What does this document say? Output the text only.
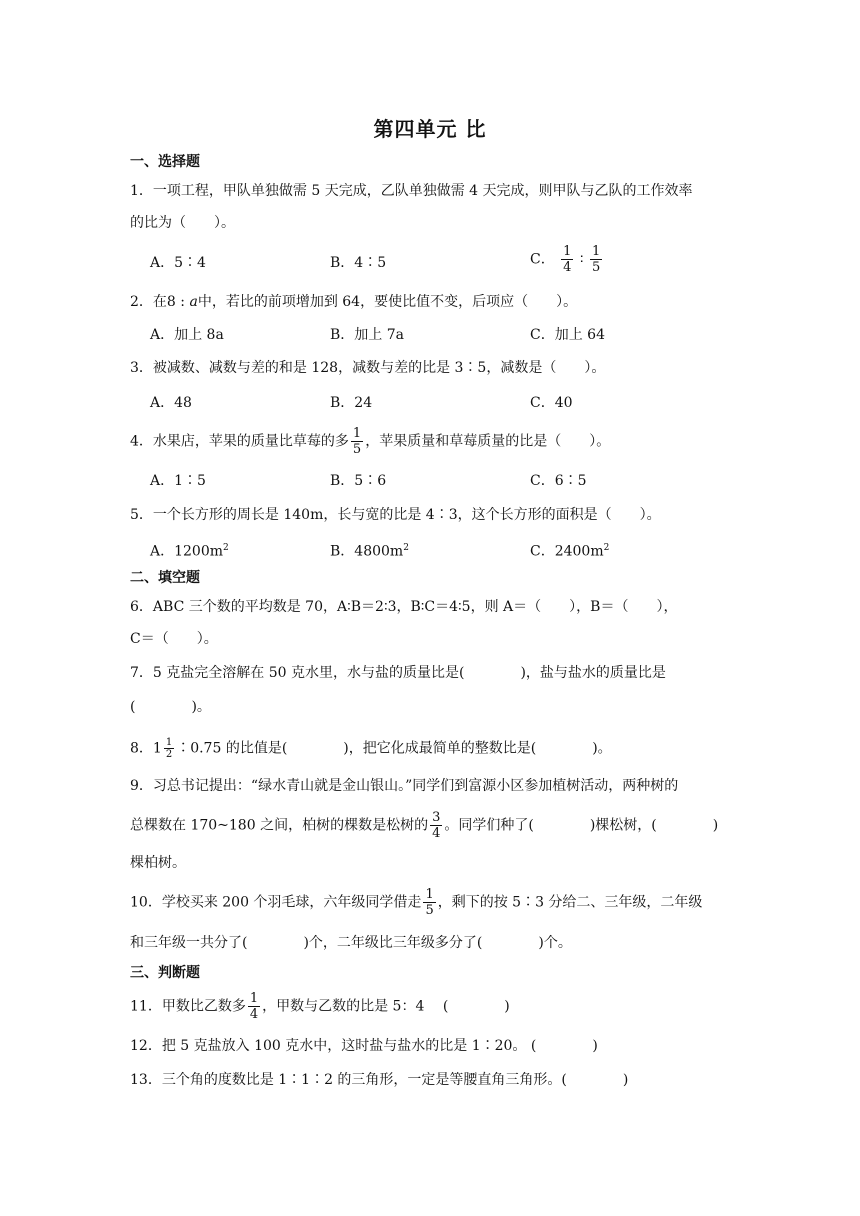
第四单元 比
一、选择题
1．一项工程，甲队单独做需 5 天完成，乙队单独做需 4 天完成，则甲队与乙队的工作效率
的比为（　　）。
A．5∶4	B．4∶5	C． $\frac{1}{4}$ ∶ $\frac{1}{5}$
2．在8 : a中，若比的前项增加到 64，要使比值不变，后项应（　　）。
A．加上 8a	B．加上 7a	C．加上 64
3．被减数、减数与差的和是 128，减数与差的比是 3∶5，减数是（　　）。
A．48	B．24	C．40
4．水果店，苹果的质量比草莓的多 $\frac{1}{5}$ ，苹果质量和草莓质量的比是（　　）。
A．1∶5	B．5∶6	C．6∶5
5．一个长方形的周长是 140m，长与宽的比是 4∶3，这个长方形的面积是（　　）。
A．$1200m^2$	B．$4800m^2$	C．$2400m^2$
二、填空题
6．ABC 三个数的平均数是 70，A∶B＝2∶3，B∶C＝4∶5，则 A＝（　　），B＝（　　），
C＝（　　）。
7．5 克盐完全溶解在 50 克水里，水与盐的质量比是(　　　　)，盐与盐水的质量比是
(　　　　)。
8．$1 \frac{1}{2}$ ∶0.75 的比值是(　　　　)，把它化成最简单的整数比是(　　　　)。
9．习总书记提出：“绿水青山就是金山银山。”同学们到富源小区参加植树活动，两种树的
总棵数在 170~180 之间，柏树的棵数是松树的 $\frac{3}{4}$ 。同学们种了(　　　　)棵松树，(　　　　)
棵柏树。
10．学校买来 200 个羽毛球，六年级同学借走 $\frac{1}{5}$ ，剩下的按 5∶3 分给二、三年级，二年级
和三年级一共分了(　　　　)个，二年级比三年级多分了(　　　　)个。
三、判断题
11．甲数比乙数多 $\frac{1}{4}$ ，甲数与乙数的比是 5：4　 (　　　　)
12．把 5 克盐放入 100 克水中，这时盐与盐水的比是 1∶20。 (　　　　)
13．三个角的度数比是 1∶1∶2 的三角形，一定是等腰直角三角形。(　　　　)
